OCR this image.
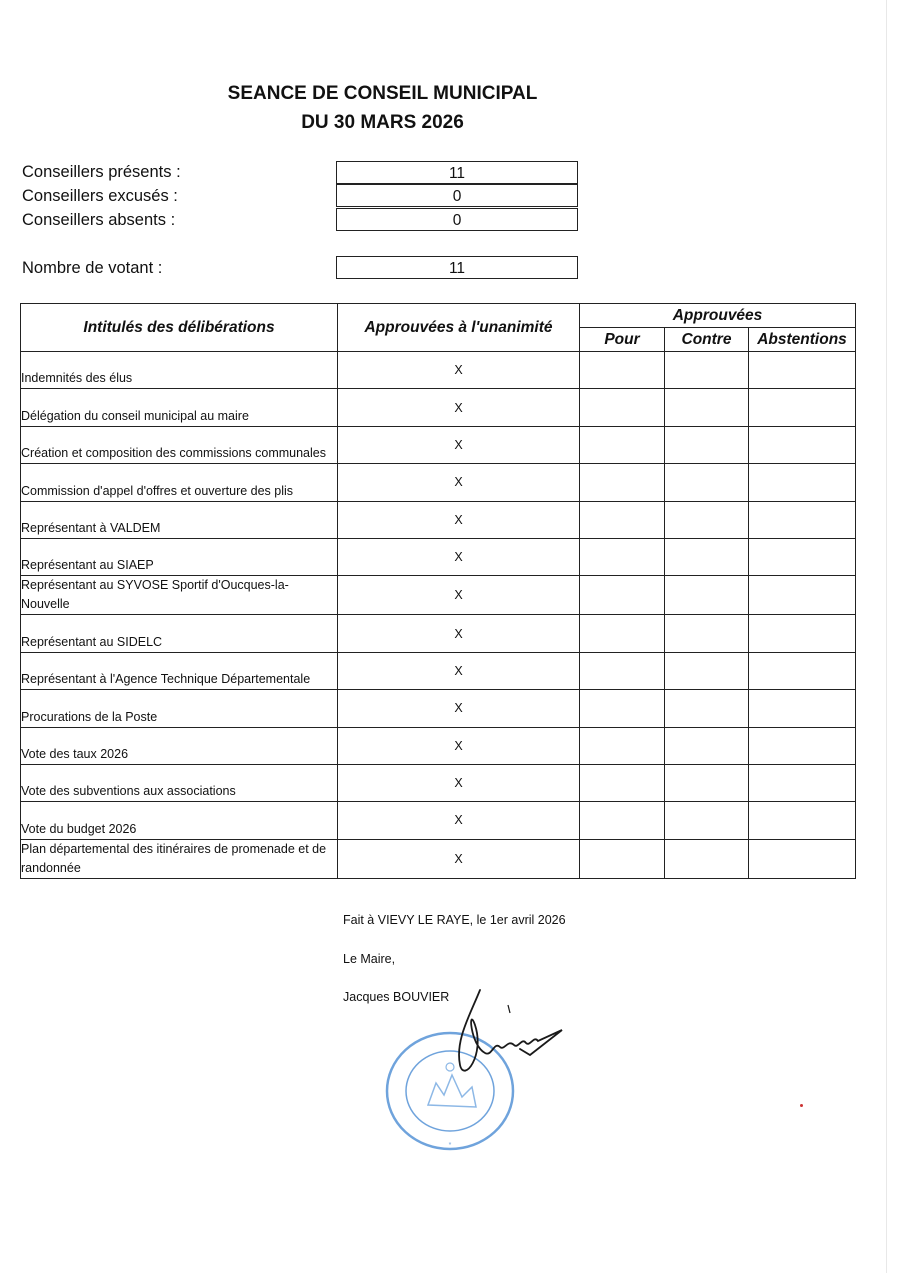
SEANCE DE CONSEIL MUNICIPAL
DU 30 MARS 2026
Conseillers présents :	11
Conseillers excusés :	0
Conseillers absents :	0
Nombre de votant :	11
Intitulés des délibérations	Approuvées à l'unanimité	Approuvées		
		Pour	Contre	Abstentions
Indemnités des élus	X			
Délégation du conseil municipal au maire	X			
Création et composition des commissions communales	X			
Commission d'appel d'offres et ouverture des plis	X			
Représentant à VALDEM	X			
Représentant au SIAEP	X			
Représentant au SYVOSE Sportif d'Oucques-la-Nouvelle	X			
Représentant au SIDELC	X			
Représentant à l'Agence Technique Départementale	X			
Procurations de la Poste	X			
Vote des taux 2026	X			
Vote des subventions aux associations	X			
Vote du budget 2026	X			
Plan départemental des itinéraires de promenade et de randonnée	X			
Fait à VIEVY LE RAYE, le 1er avril 2026
Le Maire,
Jacques BOUVIER
*
